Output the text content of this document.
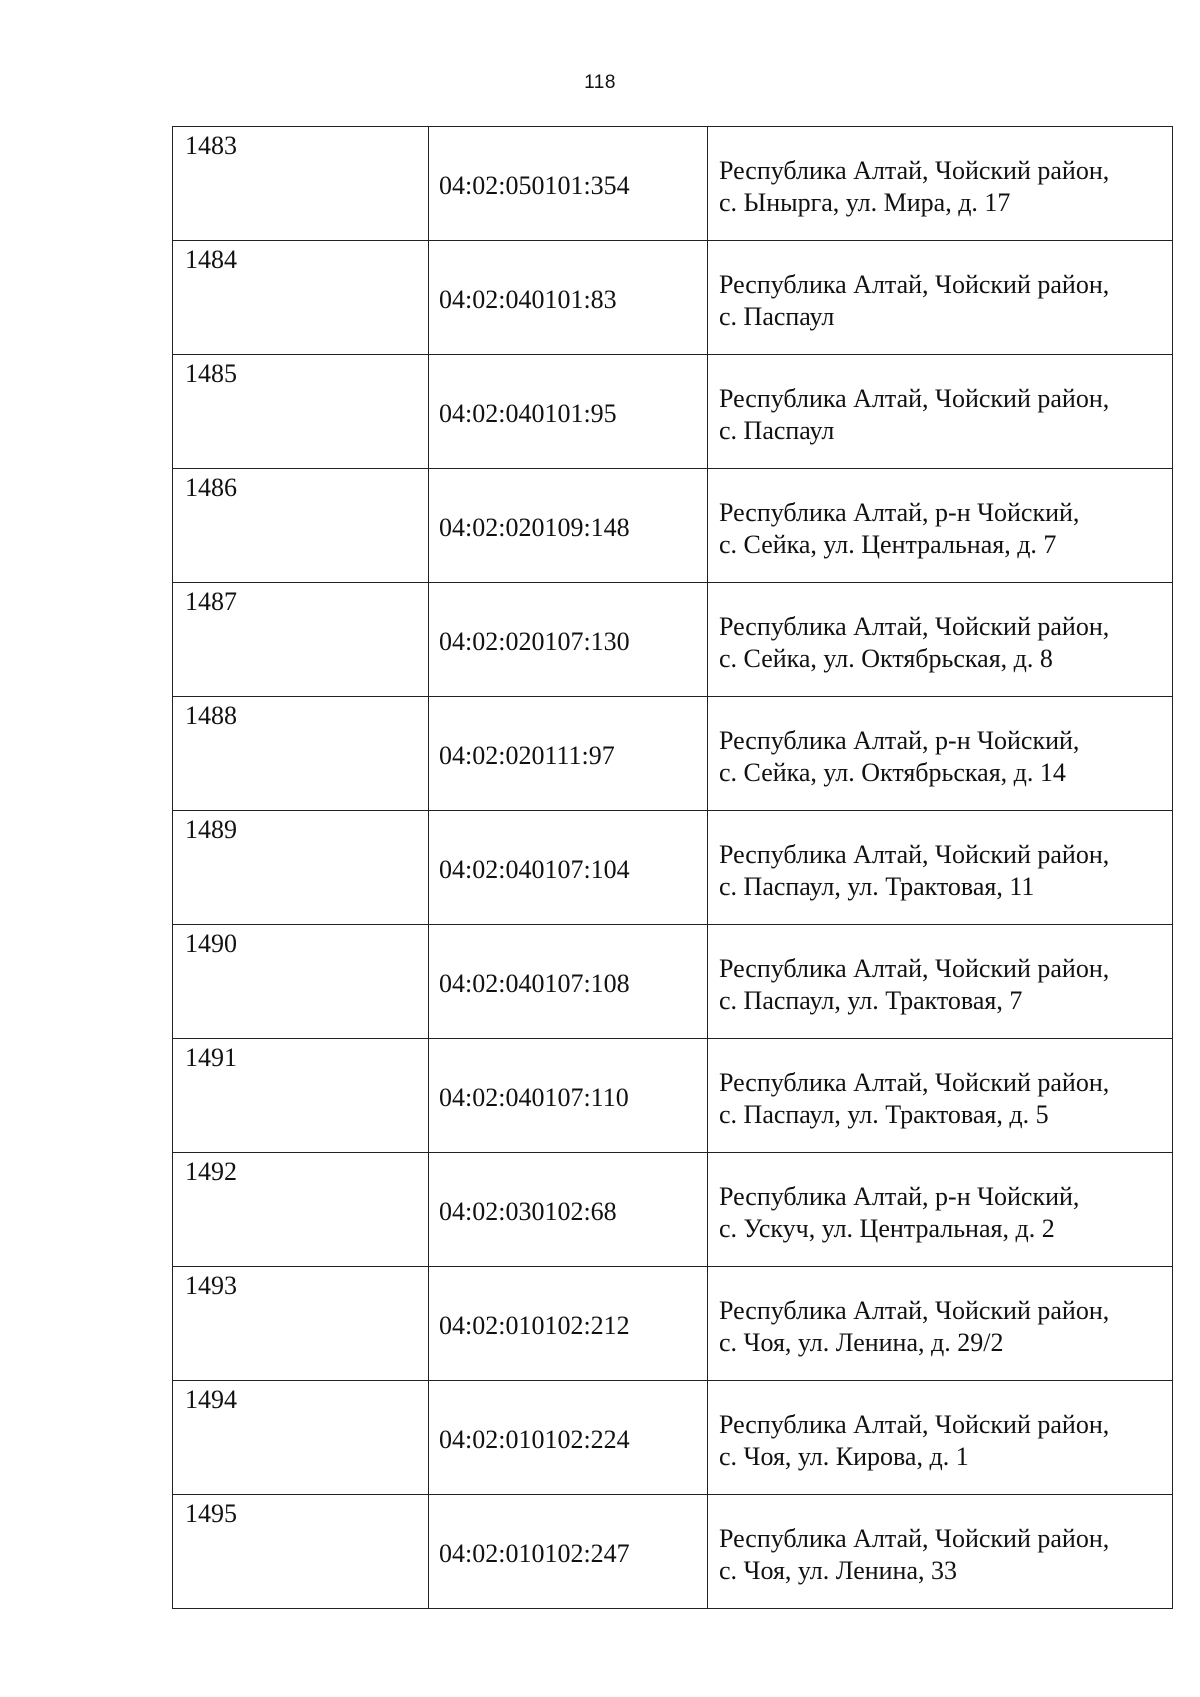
118
1483	04:02:050101:354	Республика Алтай, Чойский район,
с. Ыныргa, ул. Мира, д. 17

1484	04:02:040101:83	Республика Алтай, Чойский район,
с. Паспаул

1485	04:02:040101:95	Республика Алтай, Чойский район,
с. Паспаул

1486	04:02:020109:148	Республика Алтай, р-н Чойский,
с. Сейка, ул. Центральная, д. 7

1487	04:02:020107:130	Республика Алтай, Чойский район,
с. Сейка, ул. Октябрьская, д. 8

1488	04:02:020111:97	Республика Алтай, р-н Чойский,
с. Сейка, ул. Октябрьская, д. 14

1489	04:02:040107:104	Республика Алтай, Чойский район,
с. Паспаул, ул. Трактовая, 11

1490	04:02:040107:108	Республика Алтай, Чойский район,
с. Паспаул, ул. Трактовая, 7

1491	04:02:040107:110	Республика Алтай, Чойский район,
с. Паспаул, ул. Трактовая, д. 5

1492	04:02:030102:68	Республика Алтай, р-н Чойский,
с. Ускуч, ул. Центральная, д. 2

1493	04:02:010102:212	Республика Алтай, Чойский район,
с. Чоя, ул. Ленина, д. 29/2

1494	04:02:010102:224	Республика Алтай, Чойский район,
с. Чоя, ул. Кирова, д. 1

1495	04:02:010102:247	Республика Алтай, Чойский район,
с. Чоя, ул. Ленина, 33
